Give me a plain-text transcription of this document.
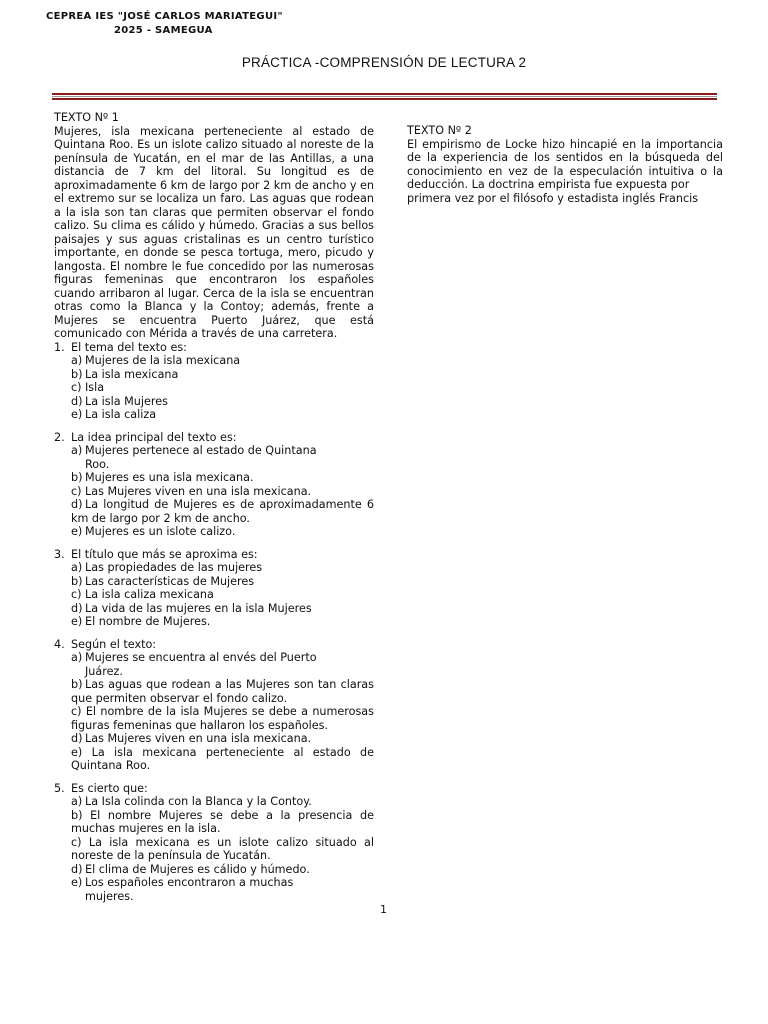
CEPREA IES "JOSÉ CARLOS MARIATEGUI"
2025 - SAMEGUA
PRÁCTICA -COMPRENSIÓN DE LECTURA 2

TEXTO Nº 1

Mujeres, isla mexicana perteneciente al estado de Quintana Roo. Es un islote calizo situado al noreste de la península de Yucatán, en el mar de las Antillas, a una distancia de 7 km del litoral. Su longitud es de aproximadamente 6 km de largo por 2 km de ancho y en el extremo sur se localiza un faro. Las aguas que rodean a la isla son tan claras que permiten observar el fondo calizo. Su clima es cálido y húmedo. Gracias a sus bellos paisajes y sus aguas cristalinas es un centro turístico importante, en donde se pesca tortuga, mero, picudo y langosta. El nombre le fue concedido por las numerosas figuras femeninas que encontraron los españoles cuando arribaron al lugar. Cerca de la isla se encuentran otras como la Blanca y la Contoy; además, frente a Mujeres se encuentra Puerto Juárez, que está comunicado con Mérida a través de una carretera.

1. El tema del texto es:

a) Mujeres de la isla mexicana

b) La isla mexicana

c) Isla

d) La isla Mujeres

e) La isla caliza

2. La idea principal del texto es:

a) Mujeres pertenece al estado de Quintana
Roo.

b) Mujeres es una isla mexicana.

c) Las Mujeres viven en una isla mexicana.

d) La longitud de Mujeres es de aproximadamente 6 km de largo por 2 km de ancho.

e) Mujeres es un islote calizo.

3. El título que más se aproxima es:

a) Las propiedades de las mujeres

b) Las características de Mujeres

c) La isla caliza mexicana

d) La vida de las mujeres en la isla Mujeres

e) El nombre de Mujeres.

4. Según el texto:

a) Mujeres se encuentra al envés del Puerto
Juárez.

b) Las aguas que rodean a las Mujeres son tan claras que permiten observar el fondo calizo.

c) El nombre de la isla Mujeres se debe a numerosas figuras femeninas que hallaron los españoles.

d) Las Mujeres viven en una isla mexicana.

e) La isla mexicana perteneciente al estado de Quintana Roo.

5. Es cierto que:

a) La Isla colinda con la Blanca y la Contoy.

b) El nombre Mujeres se debe a la presencia de muchas mujeres en la isla.

c) La isla mexicana es un islote calizo situado al noreste de la península de Yucatán.

d) El clima de Mujeres es cálido y húmedo.

e) Los españoles encontraron a muchas
mujeres.

TEXTO Nº 2

El empirismo de Locke hizo hincapié en la importancia de la experiencia de los sentidos en la búsqueda del conocimiento en vez de la especulación intuitiva o la deducción. La doctrina empirista fue expuesta por

primera vez por el filósofo y estadista inglés Francis

1
